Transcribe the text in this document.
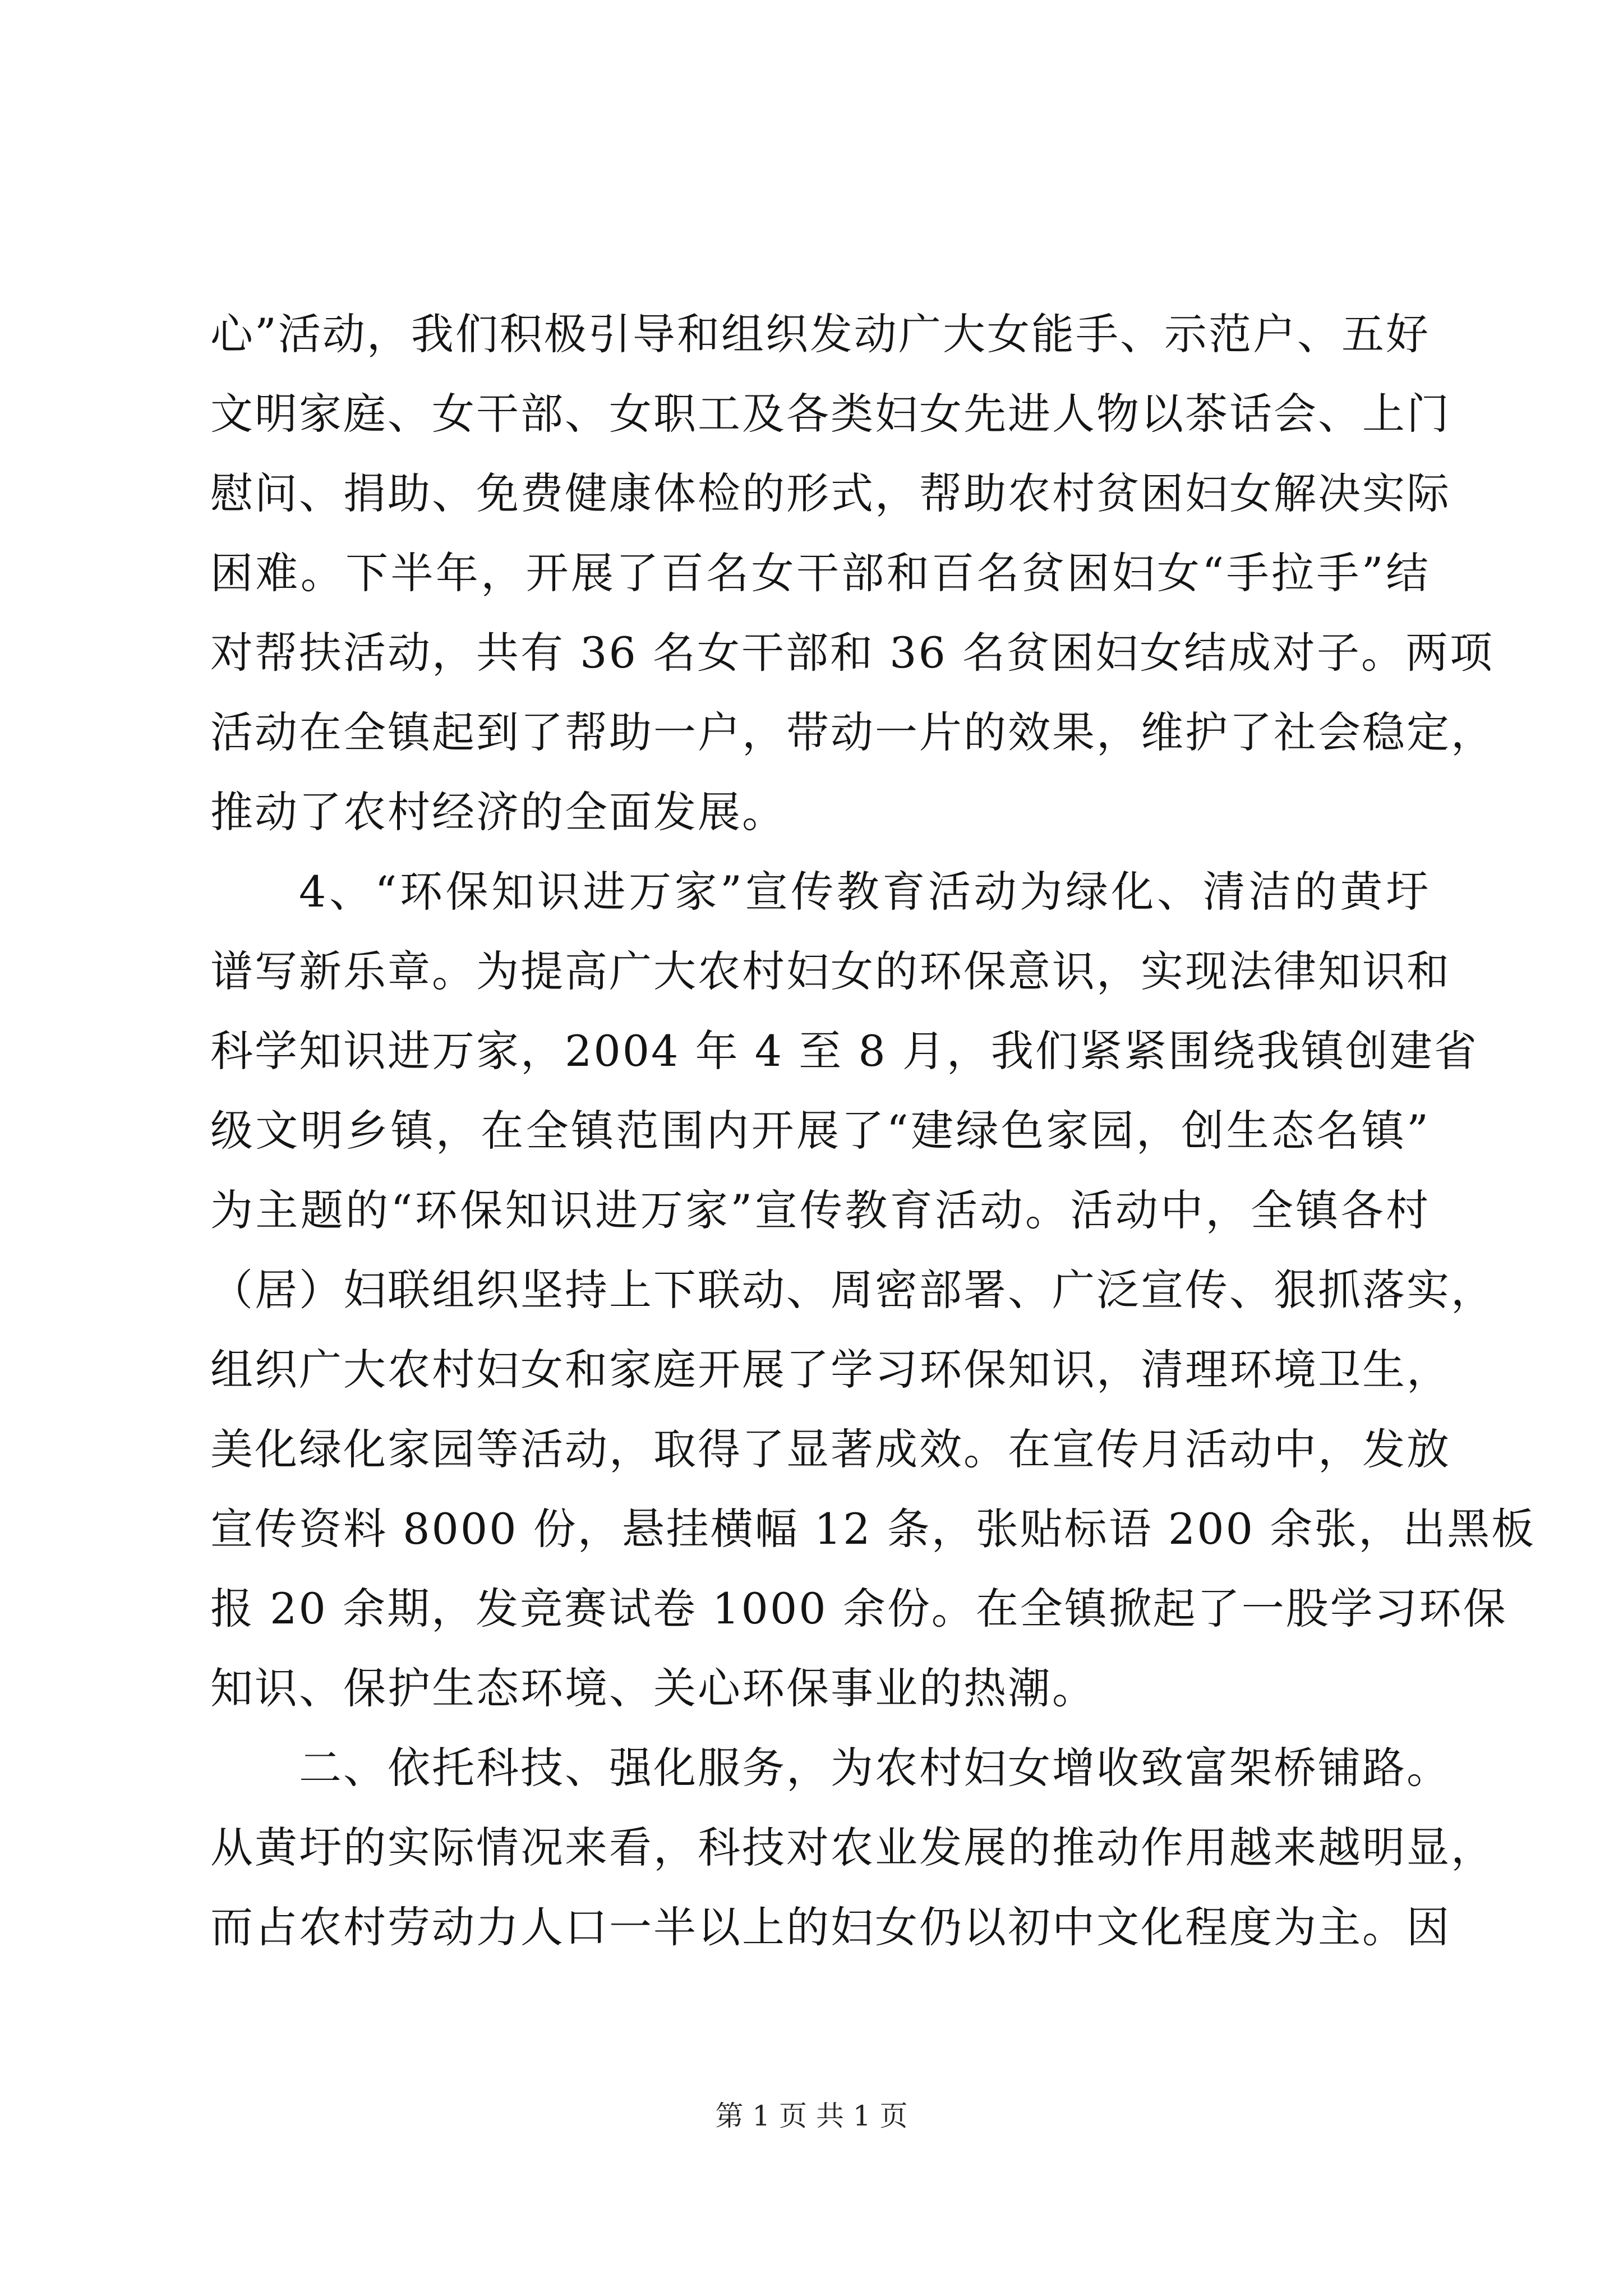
心”活动，我们积极引导和组织发动广大女能手、示范户、五好
文明家庭、女干部、女职工及各类妇女先进人物以茶话会、上门
慰问、捐助、免费健康体检的形式，帮助农村贫困妇女解决实际
困难。下半年，开展了百名女干部和百名贫困妇女“手拉手”结
对帮扶活动，共有 36 名女干部和 36 名贫困妇女结成对子。两项
活动在全镇起到了帮助一户，带动一片的效果，维护了社会稳定，
推动了农村经济的全面发展。
4、“环保知识进万家”宣传教育活动为绿化、清洁的黄圩
谱写新乐章。为提高广大农村妇女的环保意识，实现法律知识和
科学知识进万家，2004 年 4 至 8 月，我们紧紧围绕我镇创建省
级文明乡镇，在全镇范围内开展了“建绿色家园，创生态名镇”
为主题的“环保知识进万家”宣传教育活动。活动中，全镇各村
（居）妇联组织坚持上下联动、周密部署、广泛宣传、狠抓落实，
组织广大农村妇女和家庭开展了学习环保知识，清理环境卫生，
美化绿化家园等活动，取得了显著成效。在宣传月活动中，发放
宣传资料 8000 份，悬挂横幅 12 条，张贴标语 200 余张，出黑板
报 20 余期，发竞赛试卷 1000 余份。在全镇掀起了一股学习环保
知识、保护生态环境、关心环保事业的热潮。
二、依托科技、强化服务，为农村妇女增收致富架桥铺路。
从黄圩的实际情况来看，科技对农业发展的推动作用越来越明显，
而占农村劳动力人口一半以上的妇女仍以初中文化程度为主。因
第 1 页 共 1 页
